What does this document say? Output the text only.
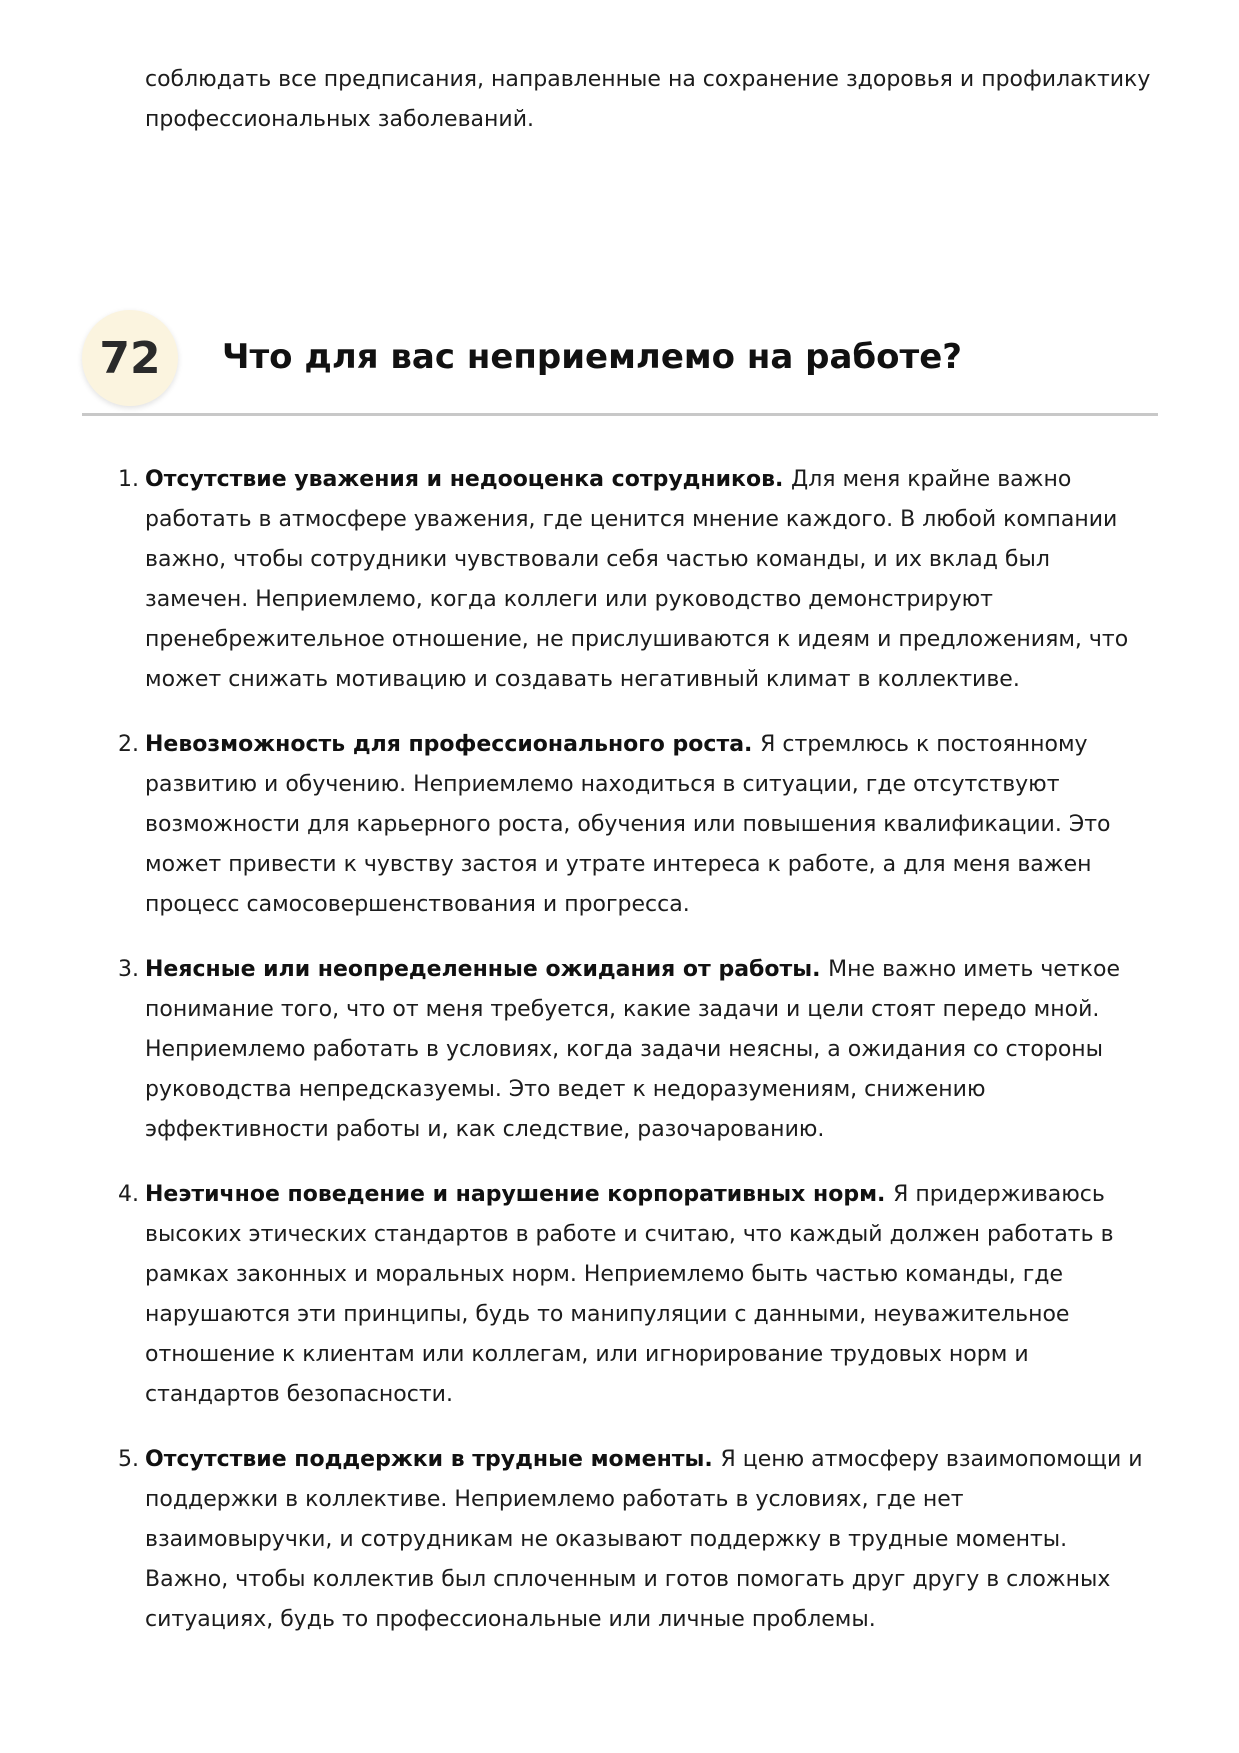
соблюдать все предписания, направленные на сохранение здоровья и профилактику профессиональных заболеваний.

72	Что для вас неприемлемо на работе?
1. Отсутствие уважения и недооценка сотрудников. Для меня крайне важно работать в атмосфере уважения, где ценится мнение каждого. В любой компании важно, чтобы сотрудники чувствовали себя частью команды, и их вклад был замечен. Неприемлемо, когда коллеги или руководство демонстрируют пренебрежительное отношение, не прислушиваются к идеям и предложениям, что может снижать мотивацию и создавать негативный климат в коллективе.
2. Невозможность для профессионального роста. Я стремлюсь к постоянному развитию и обучению. Неприемлемо находиться в ситуации, где отсутствуют возможности для карьерного роста, обучения или повышения квалификации. Это может привести к чувству застоя и утрате интереса к работе, а для меня важен процесс самосовершенствования и прогресса.
3. Неясные или неопределенные ожидания от работы. Мне важно иметь четкое понимание того, что от меня требуется, какие задачи и цели стоят передо мной. Неприемлемо работать в условиях, когда задачи неясны, а ожидания со стороны руководства непредсказуемы. Это ведет к недоразумениям, снижению эффективности работы и, как следствие, разочарованию.
4. Неэтичное поведение и нарушение корпоративных норм. Я придерживаюсь высоких этических стандартов в работе и считаю, что каждый должен работать в рамках законных и моральных норм. Неприемлемо быть частью команды, где нарушаются эти принципы, будь то манипуляции с данными, неуважительное отношение к клиентам или коллегам, или игнорирование трудовых норм и стандартов безопасности.
5. Отсутствие поддержки в трудные моменты. Я ценю атмосферу взаимопомощи и поддержки в коллективе. Неприемлемо работать в условиях, где нет взаимовыручки, и сотрудникам не оказывают поддержку в трудные моменты. Важно, чтобы коллектив был сплоченным и готов помогать друг другу в сложных ситуациях, будь то профессиональные или личные проблемы.
